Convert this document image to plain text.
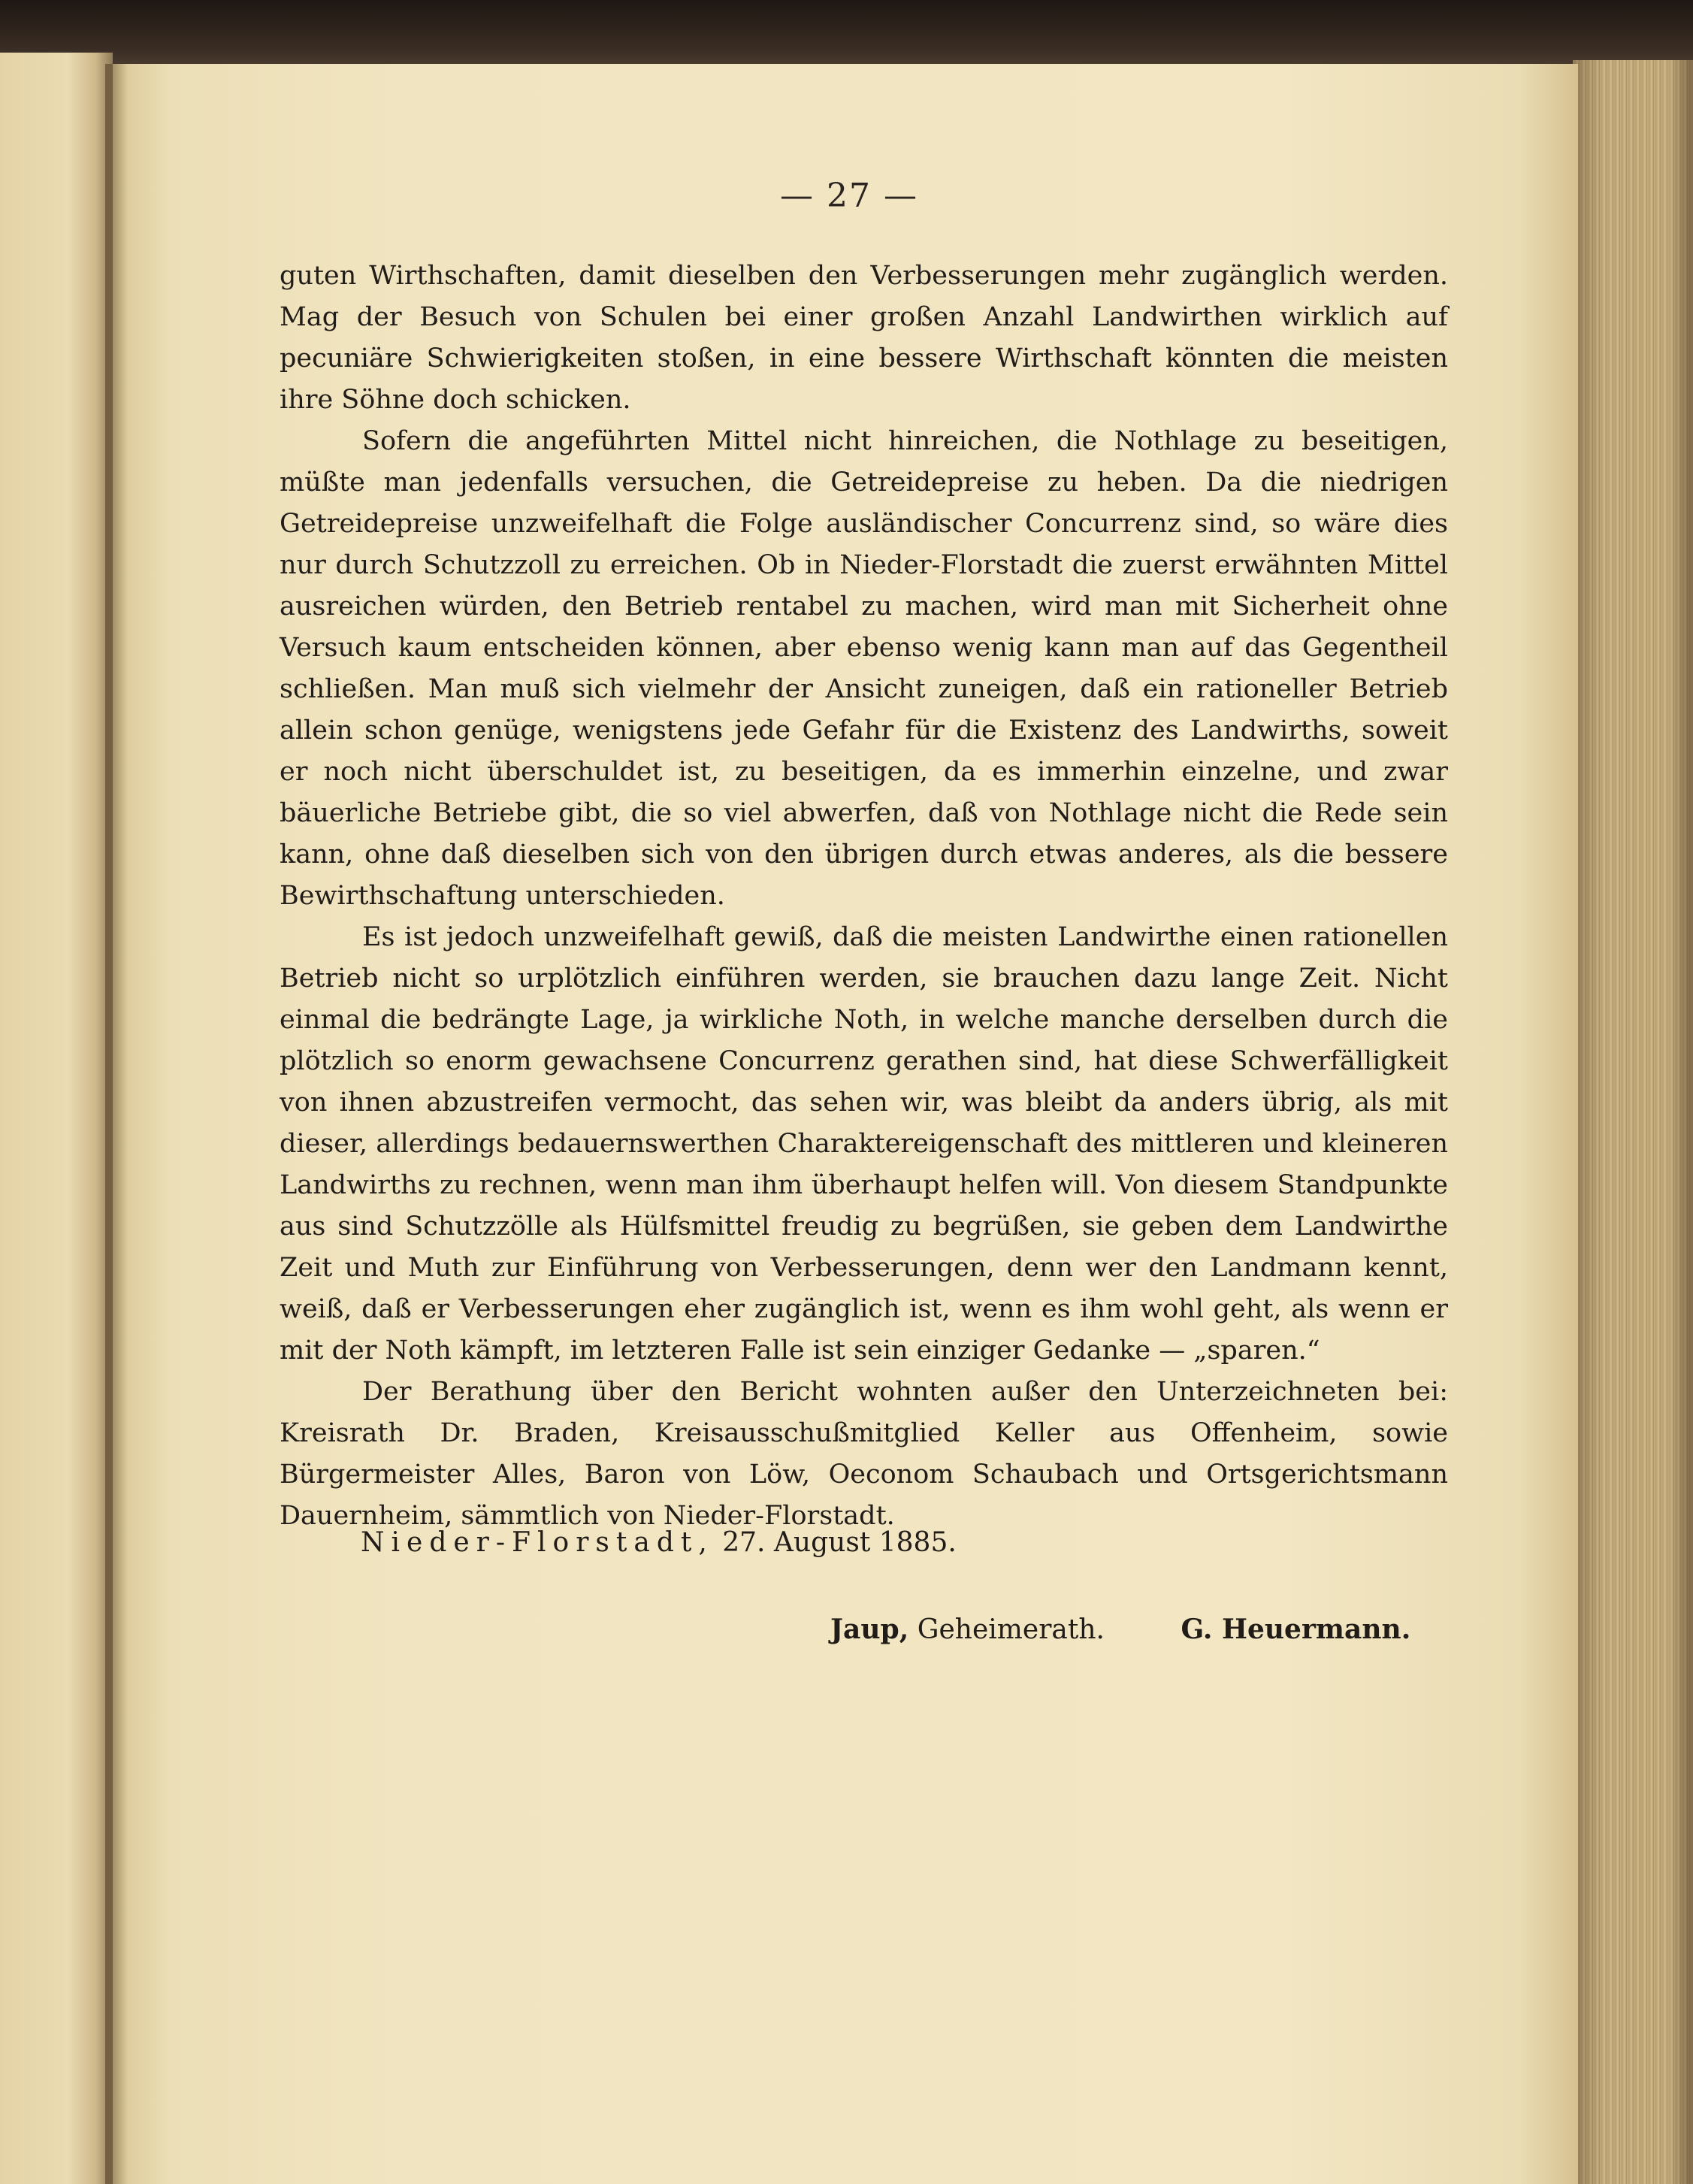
— 27 —

guten Wirthschaften, damit dieselben den Verbesserungen mehr zugänglich werden. Mag der Besuch von Schulen bei einer großen Anzahl Landwirthen wirklich auf pecuniäre Schwierigkeiten stoßen, in eine bessere Wirthschaft könnten die meisten ihre Söhne doch schicken.

Sofern die angeführten Mittel nicht hinreichen, die Nothlage zu beseitigen, müßte man jedenfalls versuchen, die Getreidepreise zu heben. Da die niedrigen Getreidepreise unzweifelhaft die Folge ausländischer Concurrenz sind, so wäre dies nur durch Schutzzoll zu erreichen. Ob in Nieder-Florstadt die zuerst erwähnten Mittel ausreichen würden, den Betrieb rentabel zu machen, wird man mit Sicherheit ohne Versuch kaum entscheiden können, aber ebenso wenig kann man auf das Gegentheil schließen. Man muß sich vielmehr der Ansicht zuneigen, daß ein rationeller Betrieb allein schon genüge, wenigstens jede Gefahr für die Existenz des Landwirths, soweit er noch nicht überschuldet ist, zu beseitigen, da es immerhin einzelne, und zwar bäuerliche Betriebe gibt, die so viel abwerfen, daß von Nothlage nicht die Rede sein kann, ohne daß dieselben sich von den übrigen durch etwas anderes, als die bessere Bewirthschaftung unterschieden.

Es ist jedoch unzweifelhaft gewiß, daß die meisten Landwirthe einen rationellen Betrieb nicht so urplötzlich einführen werden, sie brauchen dazu lange Zeit. Nicht einmal die bedrängte Lage, ja wirkliche Noth, in welche manche derselben durch die plötzlich so enorm gewachsene Concurrenz gerathen sind, hat diese Schwerfälligkeit von ihnen abzustreifen vermocht, das sehen wir, was bleibt da anders übrig, als mit dieser, allerdings bedauernswerthen Charaktereigenschaft des mittleren und kleineren Landwirths zu rechnen, wenn man ihm überhaupt helfen will. Von diesem Standpunkte aus sind Schutzzölle als Hülfsmittel freudig zu begrüßen, sie geben dem Landwirthe Zeit und Muth zur Einführung von Verbesserungen, denn wer den Landmann kennt, weiß, daß er Verbesserungen eher zugänglich ist, wenn es ihm wohl geht, als wenn er mit der Noth kämpft, im letzteren Falle ist sein einziger Gedanke — „sparen.“

Der Berathung über den Bericht wohnten außer den Unterzeichneten bei: Kreisrath Dr. Braden, Kreisausschußmitglied Keller aus Offenheim, sowie Bürgermeister Alles, Baron von Löw, Oeconom Schaubach und Ortsgerichtsmann Dauernheim, sämmtlich von Nieder-Florstadt.

Nieder-Florstadt, 27. August 1885.
Jaup, Geheimerath.	G. Heuermann.
